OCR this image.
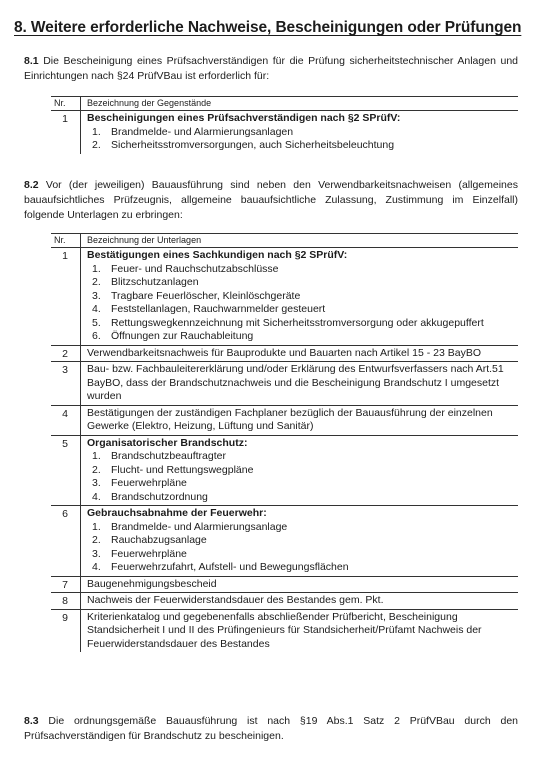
8. Weitere erforderliche Nachweise, Bescheinigungen oder Prüfungen
8.1 Die Bescheinigung eines Prüfsachverständigen für die Prüfung sicherheitstechnischer Anlagen und Einrichtungen nach §24 PrüfVBau ist erforderlich für:
Nr.	Bezeichnung der Gegenstände
1	Bescheinigungen eines Prüfsachverständigen nach §2 SPrüfV:
1. Brandmelde- und Alarmierungsanlagen
2. Sicherheitsstromversorgungen, auch Sicherheitsbeleuchtung
8.2 Vor (der jeweiligen) Bauausführung sind neben den Verwendbarkeitsnachweisen (allgemeines bauaufsichtliches Prüfzeugnis, allgemeine bauaufsichtliche Zulassung, Zustimmung im Einzelfall) folgende Unterlagen zu erbringen:
Nr.	Bezeichnung der Unterlagen
1	Bestätigungen eines Sachkundigen nach §2 SPrüfV:
1. Feuer- und Rauchschutzabschlüsse
2. Blitzschutzanlagen
3. Tragbare Feuerlöscher, Kleinlöschgeräte
4. Feststellanlagen, Rauchwarnmelder gesteuert
5. Rettungswegkennzeichnung mit Sicherheitsstromversorgung oder akkugepuffert
6. Öffnungen zur Rauchableitung
2	Verwendbarkeitsnachweis für Bauprodukte und Bauarten nach Artikel 15 - 23 BayBO
3	Bau- bzw. Fachbauleitererklärung und/oder Erklärung des Entwurfsverfassers nach Art.51 BayBO, dass der Brandschutznachweis und die Bescheinigung Brandschutz I umgesetzt wurden
4	Bestätigungen der zuständigen Fachplaner bezüglich der Bauausführung der einzelnen Gewerke (Elektro, Heizung, Lüftung und Sanitär)
5	Organisatorischer Brandschutz:
1. Brandschutzbeauftragter
2. Flucht- und Rettungswegpläne
3. Feuerwehrpläne
4. Brandschutzordnung
6	Gebrauchsabnahme der Feuerwehr:
1. Brandmelde- und Alarmierungsanlage
2. Rauchabzugsanlage
3. Feuerwehrpläne
4. Feuerwehrzufahrt, Aufstell- und Bewegungsflächen
7	Baugenehmigungsbescheid
8	Nachweis der Feuerwiderstandsdauer des Bestandes gem. Pkt.
9	Kriterienkatalog und gegebenenfalls abschließender Prüfbericht, Bescheinigung Standsicherheit I und II des Prüfingenieurs für Standsicherheit/Prüfamt Nachweis der Feuerwiderstandsdauer des Bestandes
8.3 Die ordnungsgemäße Bauausführung ist nach §19 Abs.1 Satz 2 PrüfVBau durch den Prüfsachverständigen für Brandschutz zu bescheinigen.
